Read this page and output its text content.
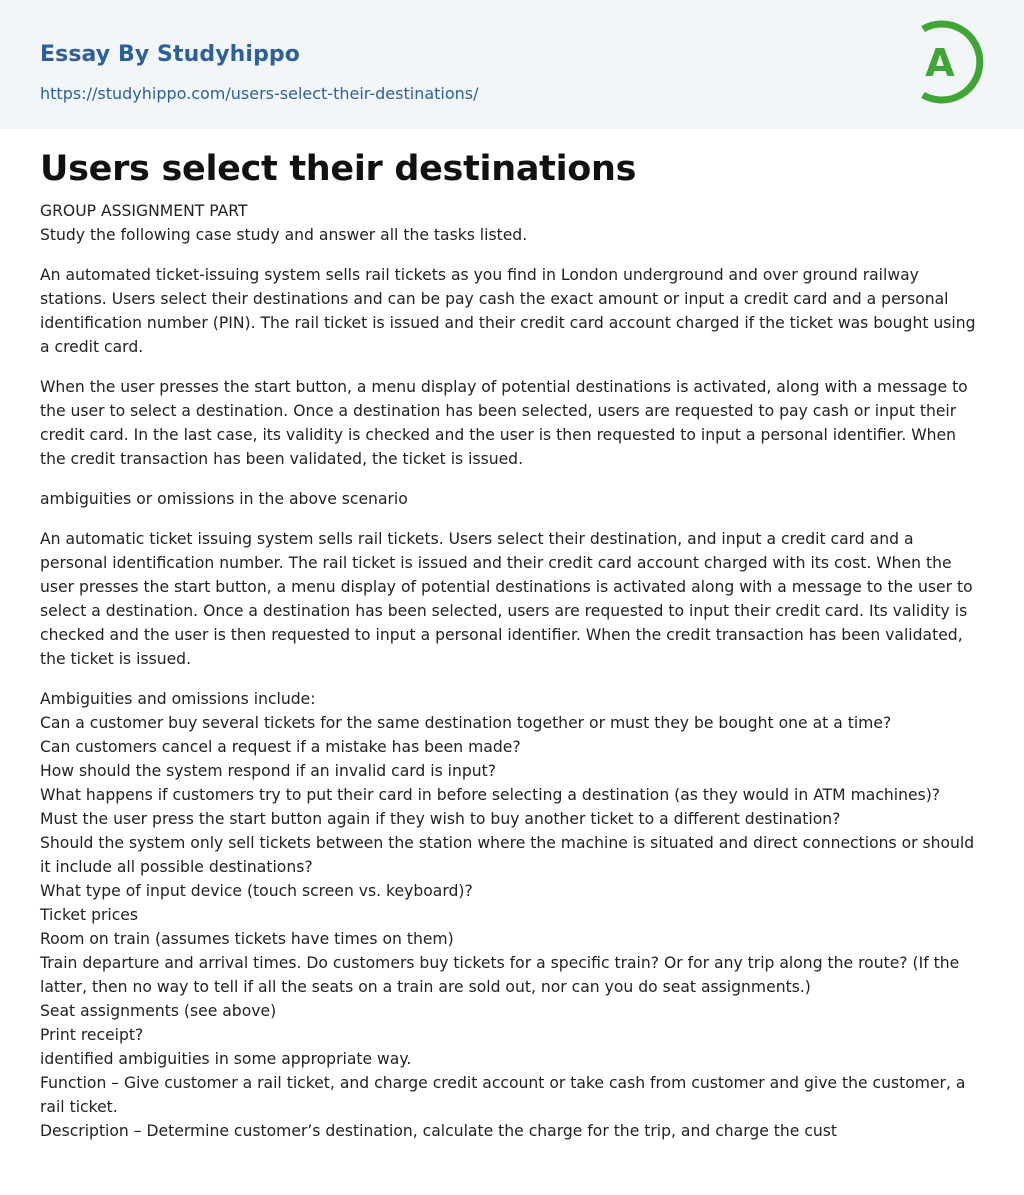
Essay By Studyhippo
https://studyhippo.com/users-select-their-destinations/
A
Users select their destinations

GROUP ASSIGNMENT PART
Study the following case study and answer all the tasks listed.

An automated ticket-issuing system sells rail tickets as you find in London underground and over ground railway stations. Users select their destinations and can be pay cash the exact amount or input a credit card and a personal identification number (PIN). The rail ticket is issued and their credit card account charged if the ticket was bought using a credit card.

When the user presses the start button, a menu display of potential destinations is activated, along with a message to the user to select a destination. Once a destination has been selected, users are requested to pay cash or input their credit card. In the last case, its validity is checked and the user is then requested to input a personal identifier. When the credit transaction has been validated, the ticket is issued.

ambiguities or omissions in the above scenario

An automatic ticket issuing system sells rail tickets. Users select their destination, and input a credit card and a personal identification number. The rail ticket is issued and their credit card account charged with its cost. When the user presses the start button, a menu display of potential destinations is activated along with a message to the user to select a destination. Once a destination has been selected, users are requested to input their credit card. Its validity is checked and the user is then requested to input a personal identifier. When the credit transaction has been validated, the ticket is issued.

Ambiguities and omissions include:
Can a customer buy several tickets for the same destination together or must they be bought one at a time?
Can customers cancel a request if a mistake has been made?
How should the system respond if an invalid card is input?
What happens if customers try to put their card in before selecting a destination (as they would in ATM machines)?
Must the user press the start button again if they wish to buy another ticket to a different destination?
Should the system only sell tickets between the station where the machine is situated and direct connections or should it include all possible destinations?
What type of input device (touch screen vs. keyboard)?
Ticket prices
Room on train (assumes tickets have times on them)
Train departure and arrival times. Do customers buy tickets for a specific train? Or for any trip along the route? (If the latter, then no way to tell if all the seats on a train are sold out, nor can you do seat assignments.)
Seat assignments (see above)
Print receipt?
identified ambiguities in some appropriate way.
Function – Give customer a rail ticket, and charge credit account or take cash from customer and give the customer, a rail ticket.
Description – Determine customer’s destination, calculate the charge for the trip, and charge the cust
